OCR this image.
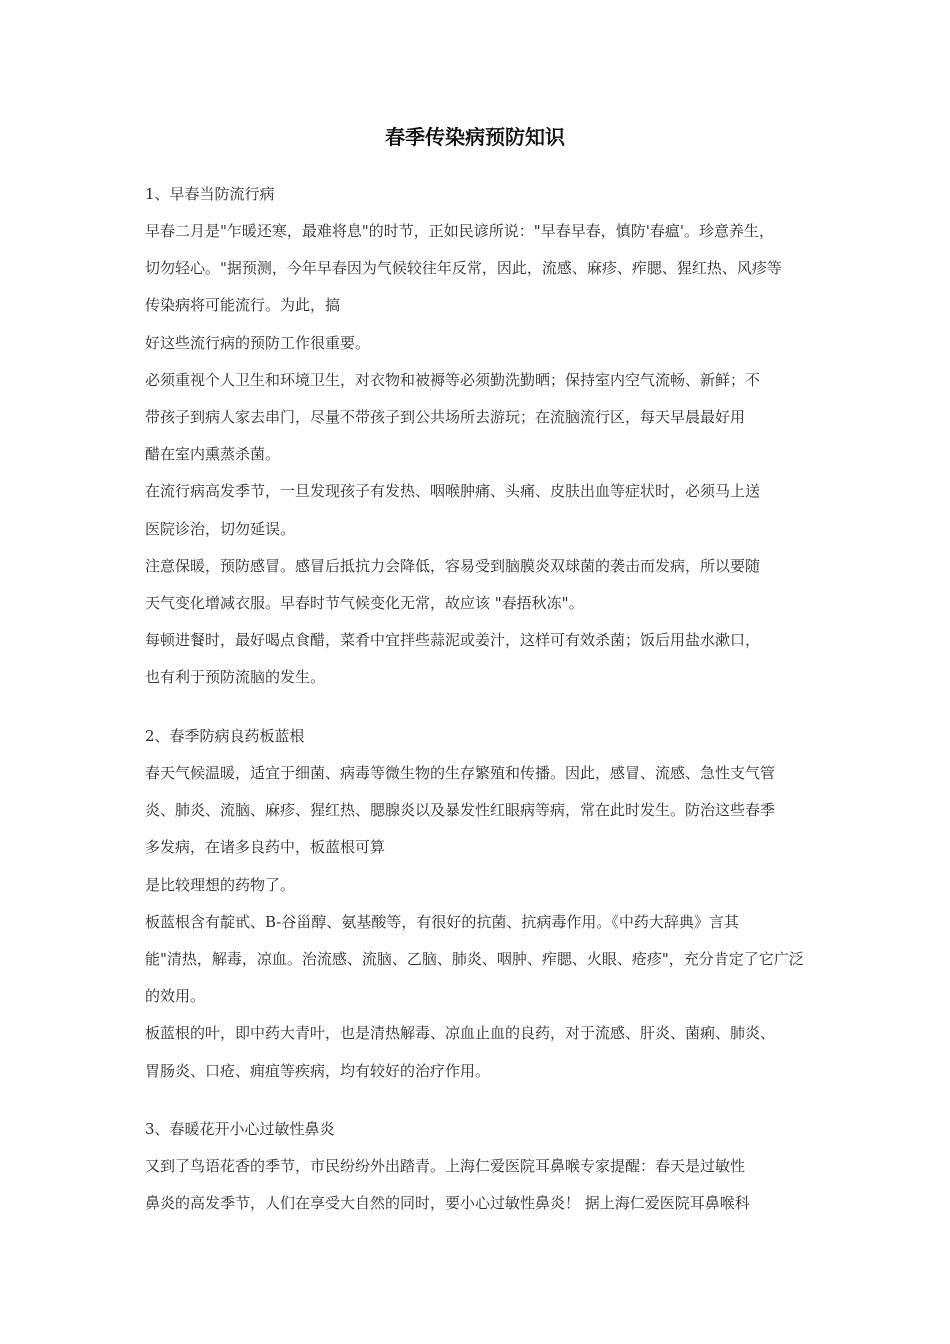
春季传染病预防知识
1、早春当防流行病

早春二月是"乍暖还寒，最难将息"的时节，正如民谚所说："早春早春，慎防'春瘟'。珍意养生，
切勿轻心。"据预测，今年早春因为气候较往年反常，因此，流感、麻疹、痄腮、猩红热、风疹等
传染病将可能流行。为此，搞

好这些流行病的预防工作很重要。

必须重视个人卫生和环境卫生，对衣物和被褥等必须勤洗勤晒；保持室内空气流畅、新鲜；不
带孩子到病人家去串门，尽量不带孩子到公共场所去游玩；在流脑流行区，每天早晨最好用
醋在室内熏蒸杀菌。

在流行病高发季节，一旦发现孩子有发热、咽喉肿痛、头痛、皮肤出血等症状时，必须马上送
医院诊治，切勿延误。

注意保暖，预防感冒。感冒后抵抗力会降低，容易受到脑膜炎双球菌的袭击而发病，所以要随
天气变化增减衣服。早春时节气候变化无常，故应该 "春捂秋冻"。

每顿进餐时，最好喝点食醋，菜肴中宜拌些蒜泥或姜汁，这样可有效杀菌；饭后用盐水漱口，
也有利于预防流脑的发生。

2、春季防病良药板蓝根

春天气候温暖，适宜于细菌、病毒等微生物的生存繁殖和传播。因此，感冒、流感、急性支气管
炎、肺炎、流脑、麻疹、猩红热、腮腺炎以及暴发性红眼病等病，常在此时发生。防治这些春季
多发病，在诸多良药中，板蓝根可算

是比较理想的药物了。

板蓝根含有靛甙、B-谷甾醇、氨基酸等，有很好的抗菌、抗病毒作用。《中药大辞典》言其
能"清热，解毒，凉血。治流感、流脑、乙脑、肺炎、咽肿、痄腮、火眼、疮疹"，充分肯定了它广泛
的效用。

板蓝根的叶，即中药大青叶，也是清热解毒、凉血止血的良药，对于流感、肝炎、菌痢、肺炎、
胃肠炎、口疮、痈疽等疾病，均有较好的治疗作用。

3、春暖花开小心过敏性鼻炎

又到了鸟语花香的季节，市民纷纷外出踏青。上海仁爱医院耳鼻喉专家提醒：春天是过敏性
鼻炎的高发季节，人们在享受大自然的同时，要小心过敏性鼻炎！ 据上海仁爱医院耳鼻喉科
